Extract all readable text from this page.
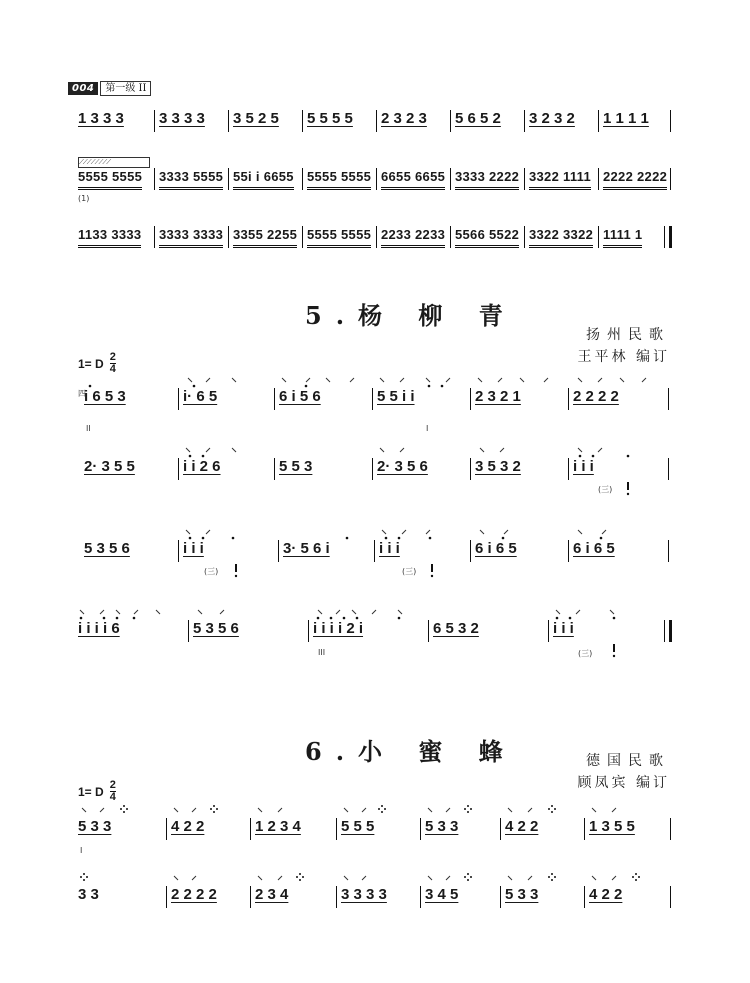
004	第一级 II
1 3 3 3 3 3 3 3 3 5 2 5 5 5 5 5 2 3 2 3 5 6 5 2 3 2 3 2 1 1 1 1
⟋⟋⟋⟋⟋⟋⟋⟋
5555 5555 3333 5555 55i i 6655 5555 5555 6655 6655 3333 2222 3322 1111 2222 2222
(1)
1133 3333 3333 3333 3355 2255 5555 5555 2233 2233 5566 5522 3322 3322 1111 1
5.杨 柳 青
扬州民歌
王平林 编订
1= D $\frac{2}{4}$
i 6 5 3	i· 6 5	6 i 5 6	5 5 i i	2 3 2 1	2 2 2 2
四
II	I
2· 3 5 5	i i 2 6	5 5 3	2· 3 5 6	3 5 3 2	i i i
(三)
5 3 5 6	i i i	3· 5 6 i	i i i	6 i 6 5	6 i 6 5
(三)	(三)
i i i i 6	5 3 5 6	i i i i 2 i	6 5 3 2	i i i
III	(三)
6.小 蜜 蜂	德国民歌
顾凤宾 编订
1= D $\frac{2}{4}$
5 3 3	4 2 2	1 2 3 4	5 5 5	5 3 3	4 2 2	1 3 5 5
I
3 3	2 2 2 2	2 3 4	3 3 3 3	3 4 5	5 3 3	4 2 2
